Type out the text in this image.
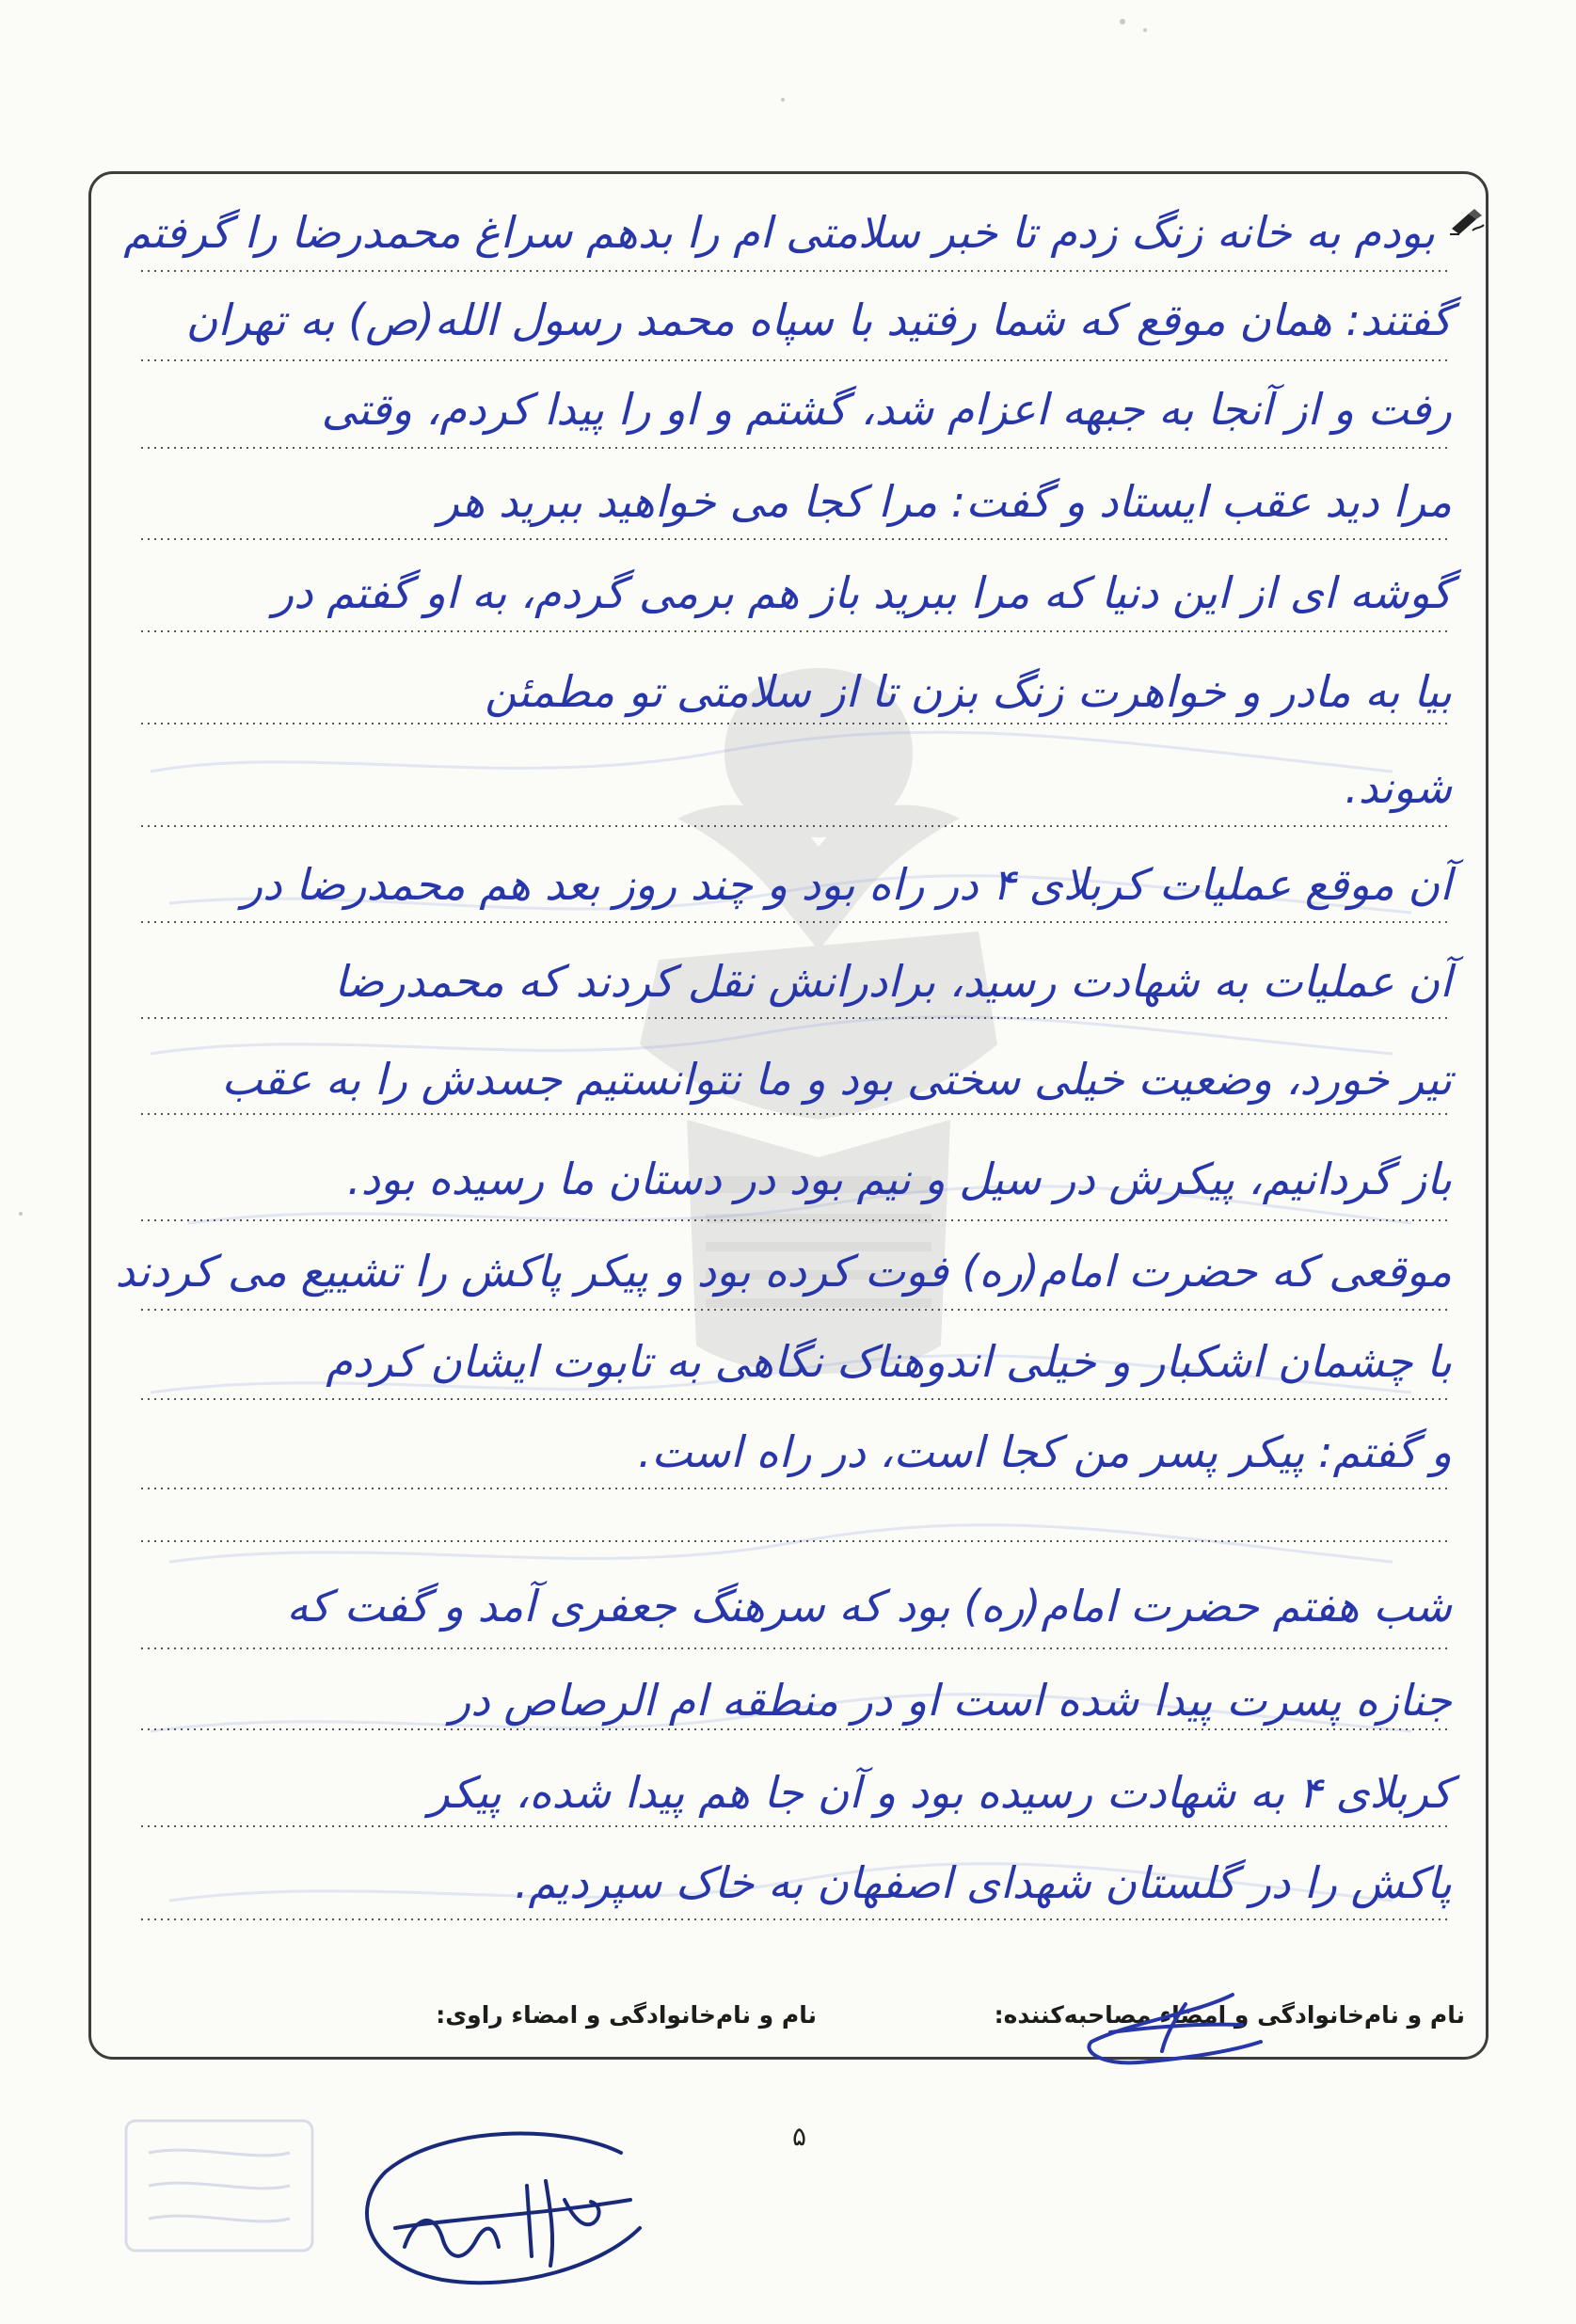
بودم به خانه زنگ زدم تا خبر سلامتی ام را بدهم سراغ محمدرضا را گرفتم
گفتند: همان موقع که شما رفتید با سپاه محمد رسول الله(ص) به تهران
رفت و از آنجا به جبهه اعزام شد، گشتم و او را پیدا کردم، وقتی
مرا دید عقب ایستاد و گفت: مرا کجا می خواهید ببرید هر
گوشه ای از این دنیا که مرا ببرید باز هم برمی گردم، به او گفتم در
بیا به مادر و خواهرت زنگ بزن تا از سلامتی تو مطمئن
شوند.
آن موقع عملیات کربلای ۴ در راه بود و چند روز بعد هم محمدرضا در
آن عملیات به شهادت رسید، برادرانش نقل کردند که محمدرضا
تیر خورد، وضعیت خیلی سختی بود و ما نتوانستیم جسدش را به عقب
باز گردانیم، پیکرش در سیل و نیم بود در دستان ما رسیده بود.
موقعی که حضرت امام(ره) فوت کرده بود و پیکر پاکش را تشییع می کردند
با چشمان اشکبار و خیلی اندوهناک نگاهی به تابوت ایشان کردم
و گفتم: پیکر پسر من کجا است، در راه است.
شب هفتم حضرت امام(ره) بود که سرهنگ جعفری آمد و گفت که
جنازه پسرت پیدا شده است او در منطقه ام الرصاص در
کربلای ۴ به شهادت رسیده بود و آن جا هم پیدا شده، پیکر
پاکش را در گلستان شهدای اصفهان به خاک سپردیم.
نام و نام‌خانوادگی و امضاء مصاحبه‌کننده:
نام و نام‌خانوادگی و امضاء راوی:
۵
